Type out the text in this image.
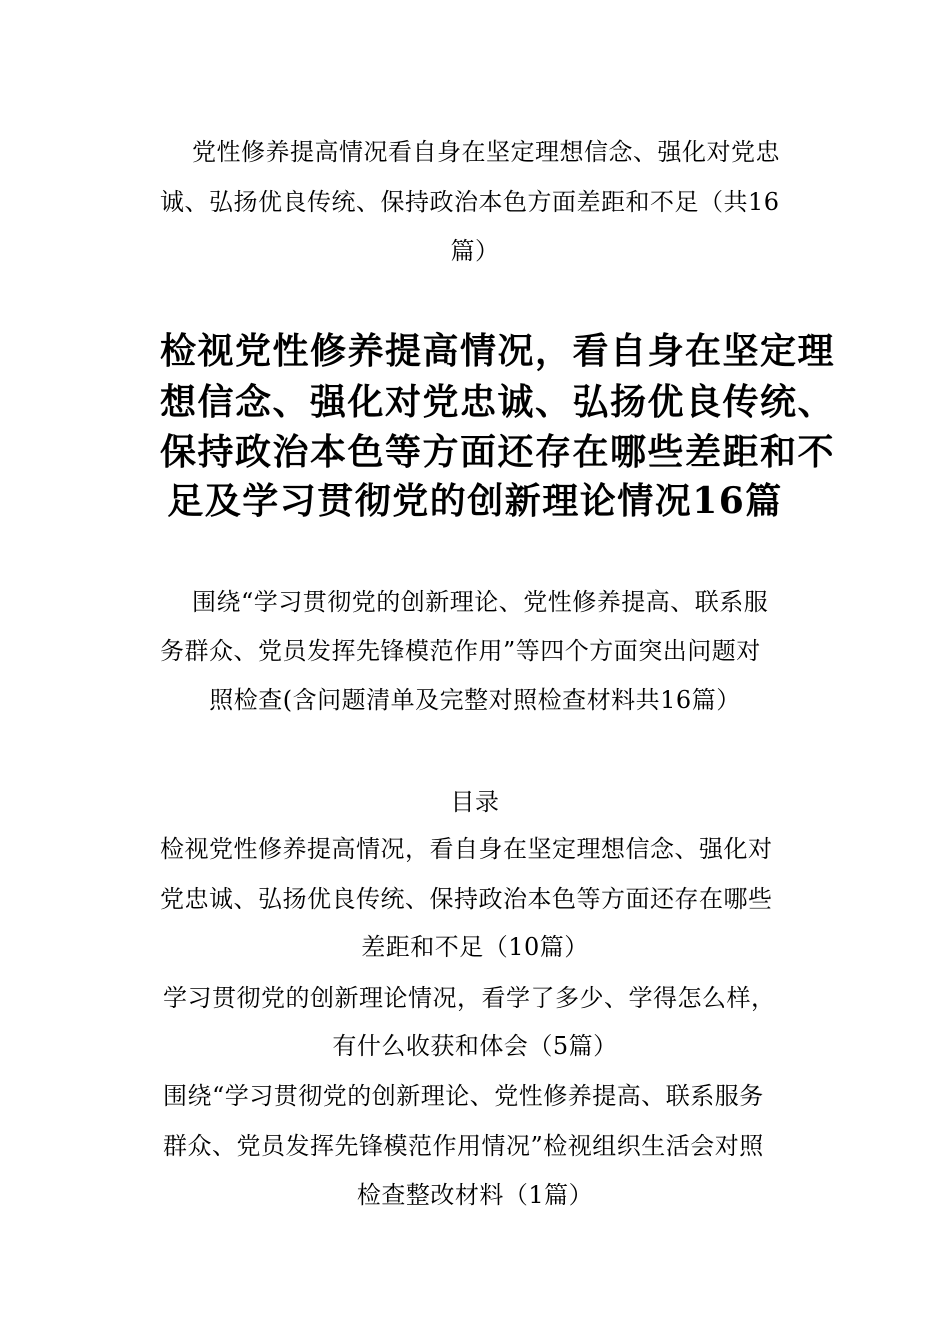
党性修养提高情况看自身在坚定理想信念、强化对党忠
诚、弘扬优良传统、保持政治本色方面差距和不足（共16
篇）
检视党性修养提高情况，看自身在坚定理
想信念、强化对党忠诚、弘扬优良传统、
保持政治本色等方面还存在哪些差距和不
足及学习贯彻党的创新理论情况16篇
围绕“学习贯彻党的创新理论、党性修养提高、联系服
务群众、党员发挥先锋模范作用”等四个方面突出问题对
照检查(含问题清单及完整对照检查材料共16篇）
目录
检视党性修养提高情况，看自身在坚定理想信念、强化对
党忠诚、弘扬优良传统、保持政治本色等方面还存在哪些
差距和不足（10篇）
学习贯彻党的创新理论情况，看学了多少、学得怎么样，
有什么收获和体会（5篇）
围绕“学习贯彻党的创新理论、党性修养提高、联系服务
群众、党员发挥先锋模范作用情况”检视组织生活会对照
检查整改材料（1篇）
